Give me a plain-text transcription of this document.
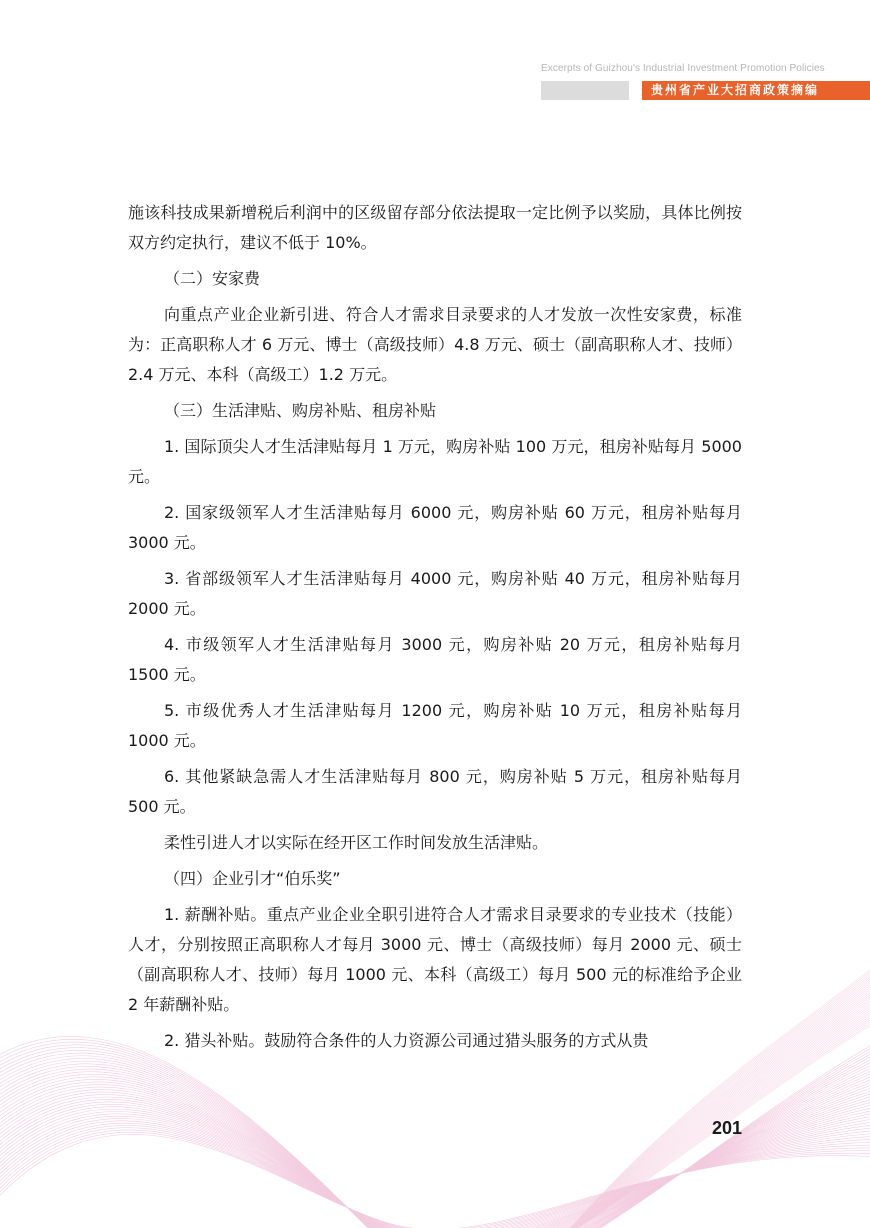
Excerpts of Guizhou's Industrial Investment Promotion Policies
贵州省产业大招商政策摘编

施该科技成果新增税后利润中的区级留存部分依法提取一定比例予以奖励，具体比例按双方约定执行，建议不低于 10%。

（二）安家费

向重点产业企业新引进、符合人才需求目录要求的人才发放一次性安家费，标准为：正高职称人才 6 万元、博士（高级技师）4.8 万元、硕士（副高职称人才、技师）2.4 万元、本科（高级工）1.2 万元。

（三）生活津贴、购房补贴、租房补贴

1. 国际顶尖人才生活津贴每月 1 万元，购房补贴 100 万元，租房补贴每月 5000 元。

2. 国家级领军人才生活津贴每月 6000 元，购房补贴 60 万元，租房补贴每月 3000 元。

3. 省部级领军人才生活津贴每月 4000 元，购房补贴 40 万元，租房补贴每月 2000 元。

4. 市级领军人才生活津贴每月 3000 元，购房补贴 20 万元，租房补贴每月 1500 元。

5. 市级优秀人才生活津贴每月 1200 元，购房补贴 10 万元，租房补贴每月 1000 元。

6. 其他紧缺急需人才生活津贴每月 800 元，购房补贴 5 万元，租房补贴每月 500 元。

柔性引进人才以实际在经开区工作时间发放生活津贴。

（四）企业引才“伯乐奖”

1. 薪酬补贴。重点产业企业全职引进符合人才需求目录要求的专业技术（技能）人才，分别按照正高职称人才每月 3000 元、博士（高级技师）每月 2000 元、硕士（副高职称人才、技师）每月 1000 元、本科（高级工）每月 500 元的标准给予企业 2 年薪酬补贴。

2. 猎头补贴。鼓励符合条件的人力资源公司通过猎头服务的方式从贵

201
